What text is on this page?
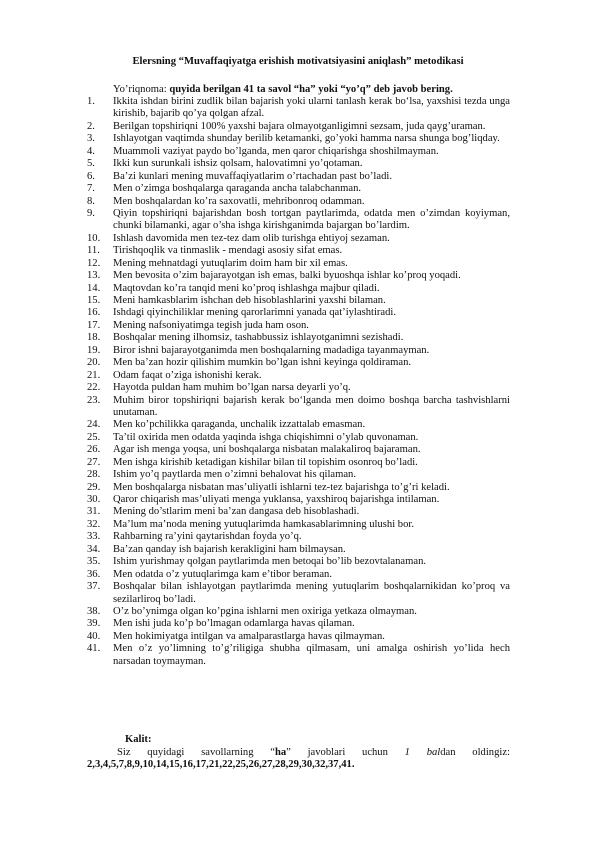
Elersning “Muvaffaqiyatga erishish motivatsiyasini aniqlash” metodikasi
Yo’riqnoma: quyida berilgan 41 ta savol “ha” yoki “yo’q” deb javob bering.
1.	Ikkita ishdan birini zudlik bilan bajarish yoki ularni tanlash kerak bo‘lsa, yaxshisi tezda unga kirishib, bajarib qo’ya qolgan afzal.
2.	Berilgan topshiriqni 100% yaxshi bajara olmayotganligimni sezsam, juda qayg’uraman.
3.	Ishlayotgan vaqtimda shunday berilib ketamanki, go’yoki hamma narsa shunga bog’liqday.
4.	Muammoli vaziyat paydo bo’lganda, men qaror chiqarishga shoshilmayman.
5.	Ikki kun surunkali ishsiz qolsam, halovatimni yo’qotaman.
6.	Ba’zi kunlari mening muvaffaqiyatlarim o’rtachadan past bo’ladi.
7.	Men o’zimga boshqalarga qaraganda ancha talabchanman.
8.	Men boshqalardan ko’ra saxovatli, mehribonroq odamman.
9.	Qiyin topshiriqni bajarishdan bosh tortgan paytlarimda, odatda men o’zimdan koyiyman, chunki bilamanki, agar o’sha ishga kirishganimda bajargan bo’lardim.
10.	Ishlash davomida men tez-tez dam olib turishga ehtiyoj sezaman.
11.	Tirishqoqlik va tinmaslik - mendagi asosiy sifat emas.
12.	Mening mehnatdagi yutuqlarim doim ham bir xil emas.
13.	Men bevosita o’zim bajarayotgan ish emas, balki byuoshqa ishlar ko’proq yoqadi.
14.	Maqtovdan ko’ra tanqid meni ko’proq ishlashga majbur qiladi.
15.	Meni hamkasblarim ishchan deb hisoblashlarini yaxshi bilaman.
16.	Ishdagi qiyinchiliklar mening qarorlarimni yanada qat’iylashtiradi.
17.	Mening nafsoniyatimga tegish juda ham oson.
18.	Boshqalar mening ilhomsiz, tashabbussiz ishlayotganimni sezishadi.
19.	Biror ishni bajarayotganimda men boshqalarning madadiga tayanmayman.
20.	Men ba’zan hozir qilishim mumkin bo’lgan ishni keyinga qoldiraman.
21.	Odam faqat o’ziga ishonishi kerak.
22.	Hayotda puldan ham muhim bo’lgan narsa deyarli yo’q.
23.	Muhim biror topshiriqni bajarish kerak bo‘lganda men doimo boshqa barcha tashvishlarni unutaman.
24.	Men ko’pchilikka qaraganda, unchalik izzattalab emasman.
25.	Ta’til oxirida men odatda yaqinda ishga chiqishimni o’ylab quvonaman.
26.	Agar ish menga yoqsa, uni boshqalarga nisbatan malakaliroq bajaraman.
27.	Men ishga kirishib ketadigan kishilar bilan til topishim osonroq bo’ladi.
28.	Ishim yo’q paytlarda men o’zimni behalovat his qilaman.
29.	Men boshqalarga nisbatan mas’uliyatli ishlarni tez-tez bajarishga to’g’ri keladi.
30.	Qaror chiqarish mas’uliyati menga yuklansa, yaxshiroq bajarishga intilaman.
31.	Mening do’stlarim meni ba’zan dangasa deb hisoblashadi.
32.	Ma’lum ma’noda mening yutuqlarimda hamkasablarimning ulushi bor.
33.	Rahbarning ra’yini qaytarishdan foyda yo’q.
34.	Ba’zan qanday ish bajarish kerakligini ham bilmaysan.
35.	Ishim yurishmay qolgan paytlarimda men betoqai bo’lib bezovtalanaman.
36.	Men odatda o’z yutuqlarimga kam e’tibor beraman.
37.	Boshqalar bilan ishlayotgan paytlarimda mening yutuqlarim boshqalarnikidan ko’proq va sezilarliroq bo’ladi.
38.	O’z bo’ynimga olgan ko’pgina ishlarni men oxiriga yetkaza olmayman.
39.	Men ishi juda ko’p bo’lmagan odamlarga havas qilaman.
40.	Men hokimiyatga intilgan va amalparastlarga havas qilmayman.
41.	Men o’z yo’limning to’g’riligiga shubha qilmasam, uni amalga oshirish yo’lida hech narsadan toymayman.
Kalit:
Siz quyidagi savollarning “ha” javoblari uchun 1 baldan oldingiz:
2,3,4,5,7,8,9,10,14,15,16,17,21,22,25,26,27,28,29,30,32,37,41.
